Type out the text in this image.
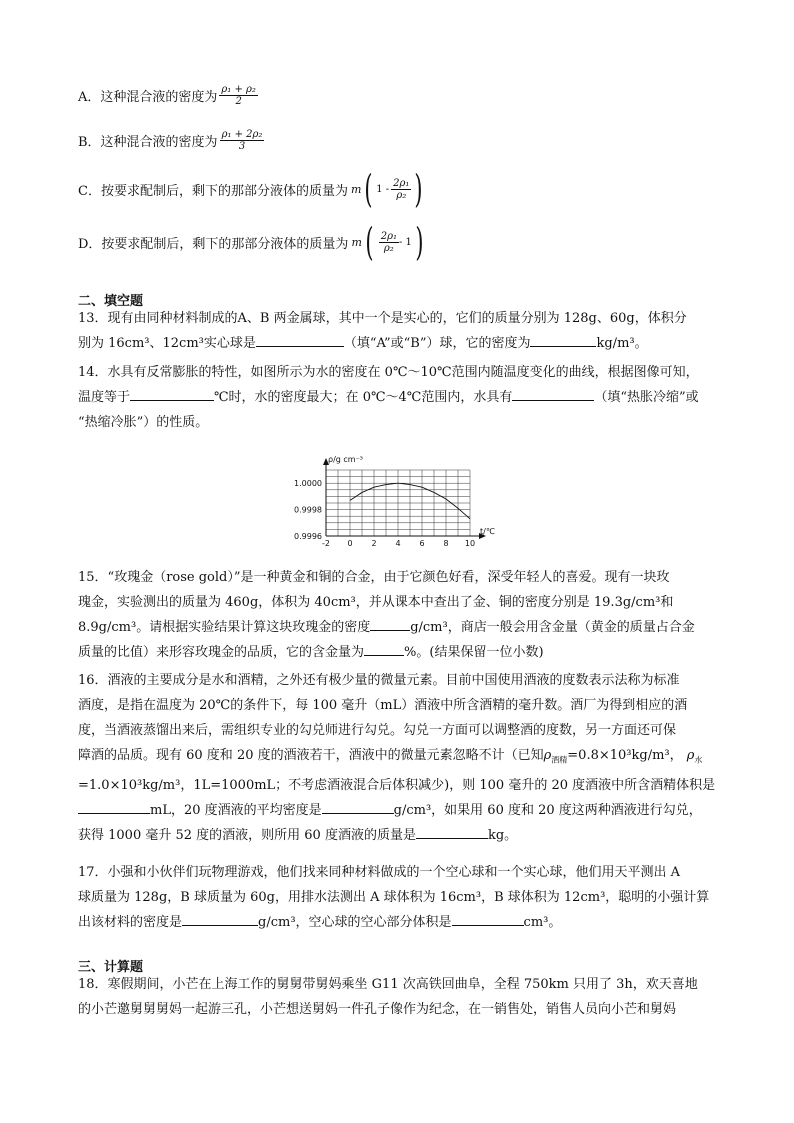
A．这种混合液的密度为 $\frac{\text{ρ₁ + ρ₂}}{2}$
B．这种混合液的密度为 $\frac{\text{ρ₁ + 2ρ₂}}{3}$
C．按要求配制后，剩下的那部分液体的质量为 m ( $1 - \frac{\text{2ρ₁}}{\text{ρ₂}}$ )
D．按要求配制后，剩下的那部分液体的质量为 m ( $\frac{\text{2ρ₁}}{\text{ρ₂}} - 1$ )
二、填空题
13．现有由同种材料制成的A、B 两金属球，其中一个是实心的，它们的质量分别为 128g、60g，体积分
别为 16cm³、12cm³实心球是	（填“A”或“B”）球，它的密度为	kg/m³。
14．水具有反常膨胀的特性，如图所示为水的密度在 0℃～10℃范围内随温度变化的曲线，根据图像可知，
温度等于	℃时，水的密度最大；在 0℃～4℃范围内，水具有	（填“热胀冷缩”或
“热缩冷胀”）的性质。
ρ/g cm⁻³
t/℃
1.0000
0.9998
0.9996
-2 0 2 4 6 8 10
15．“玫瑰金（rose gold）”是一种黄金和铜的合金，由于它颜色好看，深受年轻人的喜爱。现有一块玫
瑰金，实验测出的质量为 460g，体积为 40cm³，并从课本中查出了金、铜的密度分别是 19.3g/cm³和
8.9g/cm³。请根据实验结果计算这块玫瑰金的密度	g/cm³，商店一般会用含金量（黄金的质量占合金
质量的比值）来形容玫瑰金的品质，它的含金量为	%。(结果保留一位小数)
16．酒液的主要成分是水和酒精，之外还有极少量的微量元素。目前中国使用酒液的度数表示法称为标准
酒度，是指在温度为 20℃的条件下，每 100 毫升（mL）酒液中所含酒精的毫升数。酒厂为得到相应的酒
度，当酒液蒸馏出来后，需组织专业的勾兑师进行勾兑。勾兑一方面可以调整酒的度数，另一方面还可保
障酒的品质。现有 60 度和 20 度的酒液若干，酒液中的微量元素忽略不计（已知$\rho_{酒精}=0.8\times 10^3kg/m^3$， $\rho_水$
=1.0×10³kg/m³，1L=1000mL；不考虑酒液混合后体积减少)，则 100 毫升的 20 度酒液中所含酒精体积是
mL，20 度酒液的平均密度是	g/cm³，如果用 60 度和 20 度这两种酒液进行勾兑，
获得 1000 毫升 52 度的酒液，则所用 60 度酒液的质量是	kg。
17．小强和小伙伴们玩物理游戏，他们找来同种材料做成的一个空心球和一个实心球，他们用天平测出 A
球质量为 128g，B 球质量为 60g，用排水法测出 A 球体积为 16cm³，B 球体积为 12cm³，聪明的小强计算
出该材料的密度是	g/cm³，空心球的空心部分体积是	cm³。
三、计算题
18．寒假期间，小芒在上海工作的舅舅带舅妈乘坐 G11 次高铁回曲阜，全程 750km 只用了 3h，欢天喜地
的小芒邀舅舅舅妈一起游三孔，小芒想送舅妈一件孔子像作为纪念，在一销售处，销售人员向小芒和舅妈
